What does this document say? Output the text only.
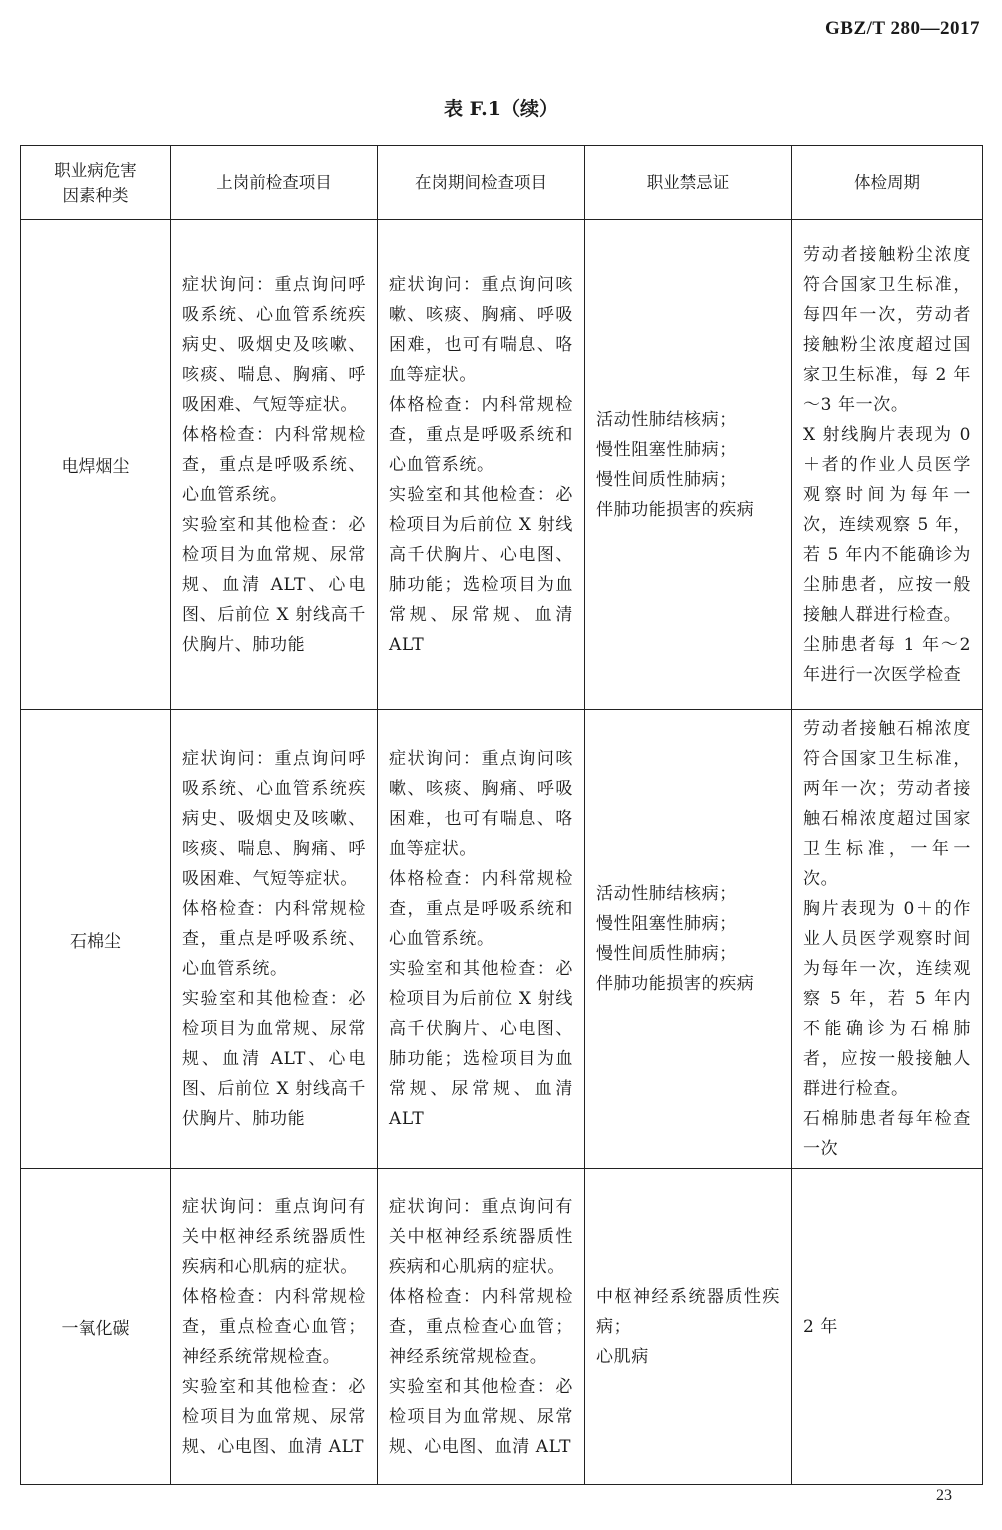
GBZ/T 280—2017
表 F.1（续）
职业病危害
因素种类	上岗前检查项目	在岗期间检查项目	职业禁忌证	体检周期
电焊烟尘	症状询问：重点询问呼吸系统、心血管系统疾病史、吸烟史及咳嗽、咳痰、喘息、胸痛、呼吸困难、气短等症状。
体格检查：内科常规检查，重点是呼吸系统、心血管系统。
实验室和其他检查：必检项目为血常规、尿常规、血清 ALT、心电图、后前位 X 射线高千伏胸片、肺功能	症状询问：重点询问咳嗽、咳痰、胸痛、呼吸困难，也可有喘息、咯血等症状。
体格检查：内科常规检查，重点是呼吸系统和心血管系统。
实验室和其他检查：必检项目为后前位 X 射线高千伏胸片、心电图、肺功能；选检项目为血常规、尿常规、血清 ALT	活动性肺结核病；
慢性阻塞性肺病；
慢性间质性肺病；
伴肺功能损害的疾病	劳动者接触粉尘浓度符合国家卫生标准，每四年一次，劳动者接触粉尘浓度超过国家卫生标准，每 2 年～3 年一次。
X 射线胸片表现为 0＋者的作业人员医学观察时间为每年一次，连续观察 5 年，若 5 年内不能确诊为尘肺患者，应按一般接触人群进行检查。
尘肺患者每 1 年～2 年进行一次医学检查

石棉尘	症状询问：重点询问呼吸系统、心血管系统疾病史、吸烟史及咳嗽、咳痰、喘息、胸痛、呼吸困难、气短等症状。
体格检查：内科常规检查，重点是呼吸系统、心血管系统。
实验室和其他检查：必检项目为血常规、尿常规、血清 ALT、心电图、后前位 X 射线高千伏胸片、肺功能	症状询问：重点询问咳嗽、咳痰、胸痛、呼吸困难，也可有喘息、咯血等症状。
体格检查：内科常规检查，重点是呼吸系统和心血管系统。
实验室和其他检查：必检项目为后前位 X 射线高千伏胸片、心电图、肺功能；选检项目为血常规、尿常规、血清 ALT	活动性肺结核病；
慢性阻塞性肺病；
慢性间质性肺病；
伴肺功能损害的疾病	劳动者接触石棉浓度符合国家卫生标准，两年一次；劳动者接触石棉浓度超过国家卫生标准，一年一次。
胸片表现为 0＋的作业人员医学观察时间为每年一次，连续观察 5 年，若 5 年内不能确诊为石棉肺者，应按一般接触人群进行检查。
石棉肺患者每年检查一次

一氧化碳	症状询问：重点询问有关中枢神经系统器质性疾病和心肌病的症状。
体格检查：内科常规检查，重点检查心血管；神经系统常规检查。
实验室和其他检查：必检项目为血常规、尿常规、心电图、血清 ALT	症状询问：重点询问有关中枢神经系统器质性疾病和心肌病的症状。
体格检查：内科常规检查，重点检查心血管；神经系统常规检查。
实验室和其他检查：必检项目为血常规、尿常规、心电图、血清 ALT	中枢神经系统器质性疾病；
心肌病	2 年
23
